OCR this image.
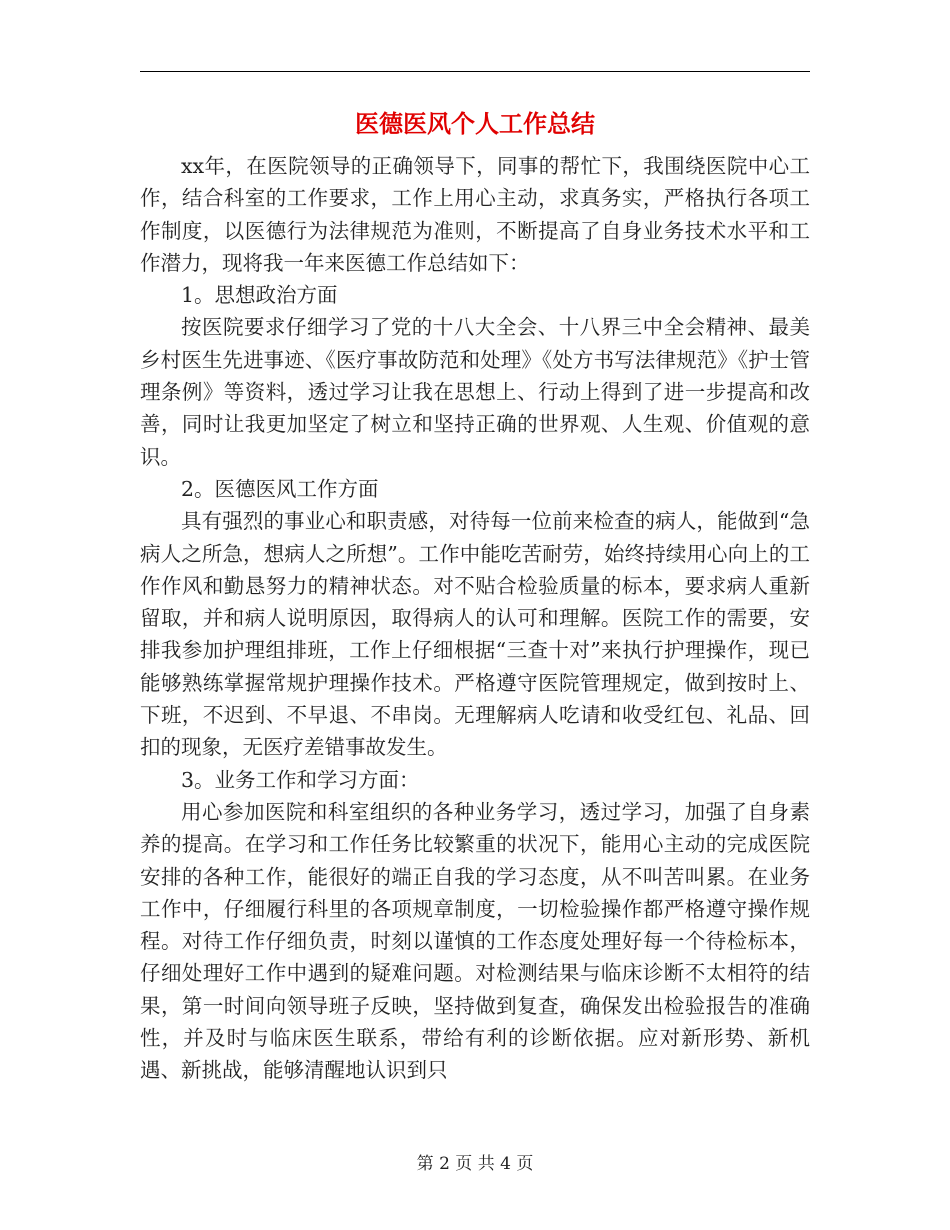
医德医风个人工作总结

xx年，在医院领导的正确领导下，同事的帮忙下，我围绕医院中心工作，结合科室的工作要求，工作上用心主动，求真务实，严格执行各项工作制度，以医德行为法律规范为准则，不断提高了自身业务技术水平和工作潜力，现将我一年来医德工作总结如下：

1。思想政治方面

按医院要求仔细学习了党的十八大全会、十八界三中全会精神、最美乡村医生先进事迹、《医疗事故防范和处理》《处方书写法律规范》《护士管理条例》等资料，透过学习让我在思想上、行动上得到了进一步提高和改善，同时让我更加坚定了树立和坚持正确的世界观、人生观、价值观的意识。

2。医德医风工作方面

具有强烈的事业心和职责感，对待每一位前来检查的病人，能做到“急病人之所急，想病人之所想”。工作中能吃苦耐劳，始终持续用心向上的工作作风和勤恳努力的精神状态。对不贴合检验质量的标本，要求病人重新留取，并和病人说明原因，取得病人的认可和理解。医院工作的需要，安排我参加护理组排班，工作上仔细根据“三查十对”来执行护理操作，现已能够熟练掌握常规护理操作技术。严格遵守医院管理规定，做到按时上、下班，不迟到、不早退、不串岗。无理解病人吃请和收受红包、礼品、回扣的现象，无医疗差错事故发生。

3。业务工作和学习方面：

用心参加医院和科室组织的各种业务学习，透过学习，加强了自身素养的提高。在学习和工作任务比较繁重的状况下，能用心主动的完成医院安排的各种工作，能很好的端正自我的学习态度，从不叫苦叫累。在业务工作中，仔细履行科里的各项规章制度，一切检验操作都严格遵守操作规程。对待工作仔细负责，时刻以谨慎的工作态度处理好每一个待检标本，仔细处理好工作中遇到的疑难问题。对检测结果与临床诊断不太相符的结果，第一时间向领导班子反映，坚持做到复查，确保发出检验报告的准确性，并及时与临床医生联系，带给有利的诊断依据。应对新形势、新机遇、新挑战，能够清醒地认识到只

第 2 页 共 4 页
